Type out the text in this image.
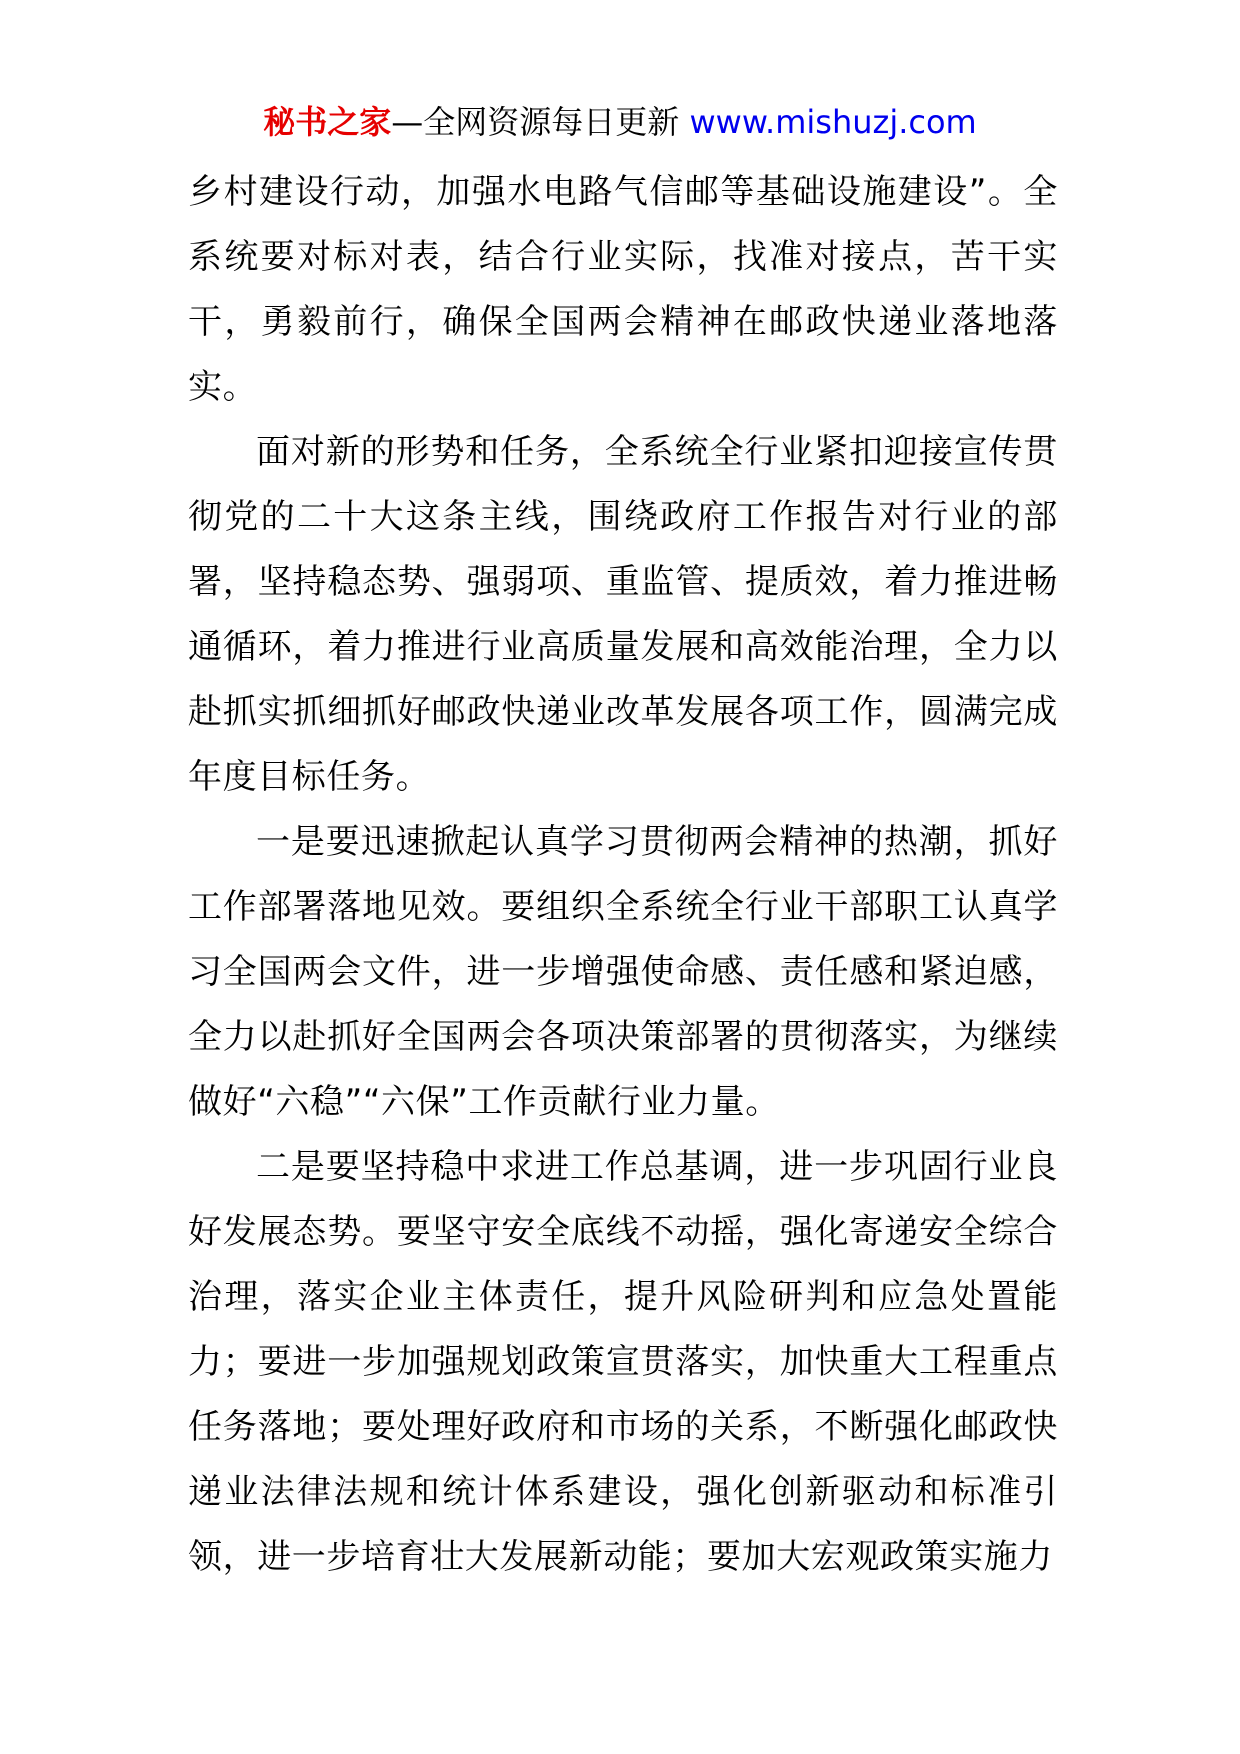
秘书之家—全网资源每日更新 www.mishuzj.com

乡村建设行动，加强水电路气信邮等基础设施建设”。全系统要对标对表，结合行业实际，找准对接点，苦干实干，勇毅前行，确保全国两会精神在邮政快递业落地落实。

面对新的形势和任务，全系统全行业紧扣迎接宣传贯彻党的二十大这条主线，围绕政府工作报告对行业的部署，坚持稳态势、强弱项、重监管、提质效，着力推进畅通循环，着力推进行业高质量发展和高效能治理，全力以赴抓实抓细抓好邮政快递业改革发展各项工作，圆满完成年度目标任务。

一是要迅速掀起认真学习贯彻两会精神的热潮，抓好工作部署落地见效。要组织全系统全行业干部职工认真学习全国两会文件，进一步增强使命感、责任感和紧迫感，全力以赴抓好全国两会各项决策部署的贯彻落实，为继续做好“六稳”“六保”工作贡献行业力量。

二是要坚持稳中求进工作总基调，进一步巩固行业良好发展态势。要坚守安全底线不动摇，强化寄递安全综合治理，落实企业主体责任，提升风险研判和应急处置能力；要进一步加强规划政策宣贯落实，加快重大工程重点任务落地；要处理好政府和市场的关系，不断强化邮政快递业法律法规和统计体系建设，强化创新驱动和标准引领，进一步培育壮大发展新动能；要加大宏观政策实施力
